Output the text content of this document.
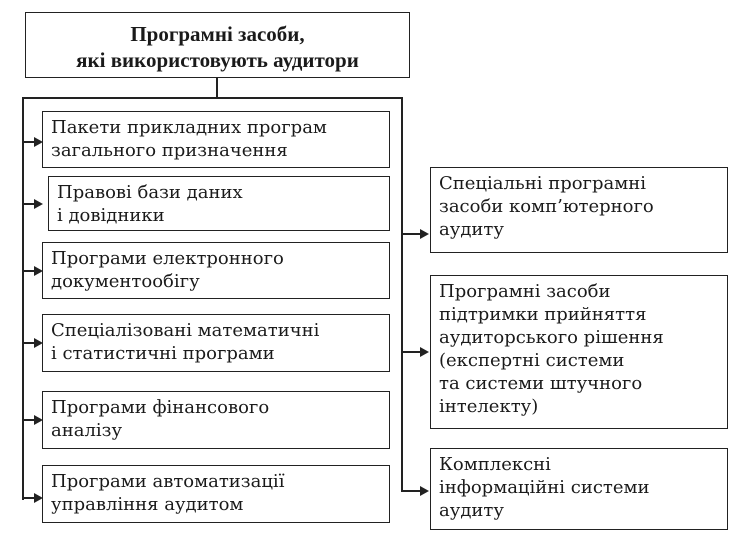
Програмні засоби,
які використовують аудитори
Пакети прикладних програм
загального призначення
Правові бази даних
і довідники
Програми електронного
документообігу
Спеціалізовані математичні
і статистичні програми
Програми фінансового
аналізу
Програми автоматизації
управління аудитом
Спеціальні програмні
засоби комп’ютерного
аудиту
Програмні засоби
підтримки прийняття
аудиторського рішення
(експертні системи
та системи штучного
інтелекту)
Комплексні
інформаційні системи
аудиту
